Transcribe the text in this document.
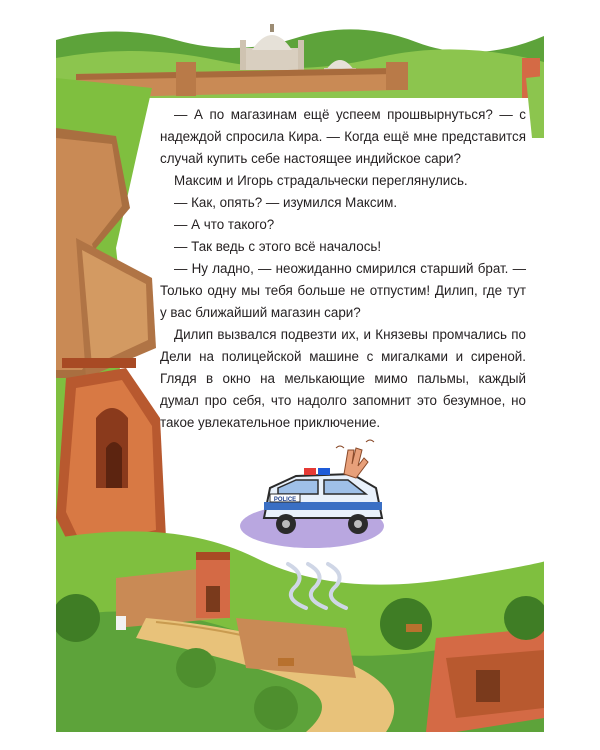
POLICE

— А по магазинам ещё успеем прошвырнуться? — с надеждой спросила Кира. — Когда ещё мне представится случай купить себе настоящее индийское сари?

Максим и Игорь страдальчески переглянулись.

— Как, опять? — изумился Максим.

— А что такого?

— Так ведь с этого всё началось!

— Ну ладно, — неожиданно смирился старший брат. — Только одну мы тебя больше не отпустим! Дилип, где тут у вас ближайший магазин сари?

Дилип вызвался подвезти их, и Князевы промчались по Дели на полицейской машине с мигалками и сиреной. Глядя в окно на мелькающие мимо пальмы, каждый думал про себя, что надолго запомнит это безумное, но такое увлекательное приключение.
